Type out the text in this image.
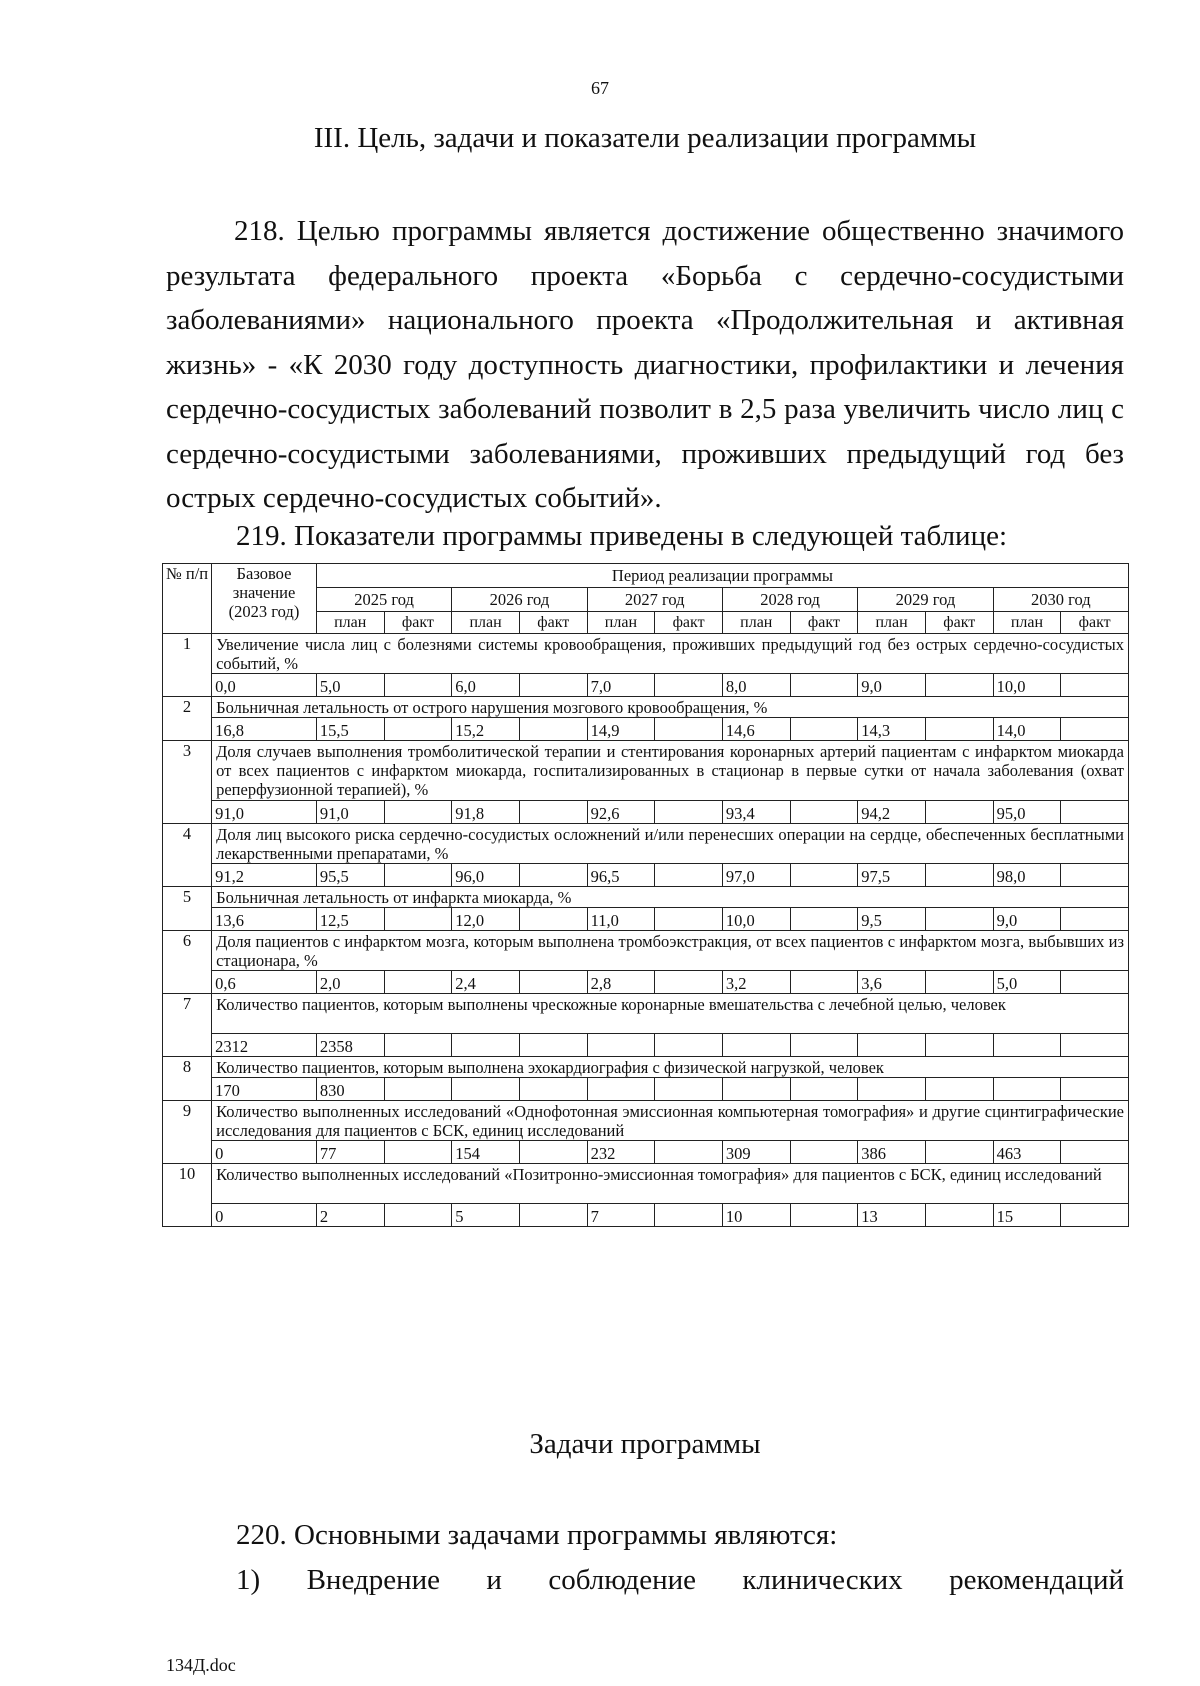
67
III. Цель, задачи и показатели реализации программы

218. Целью программы является достижение общественно значимого результата федерального проекта «Борьба с сердечно-сосудистыми заболеваниями» национального проекта «Продолжительная и активная жизнь» - «К 2030 году доступность диагностики, профилактики и лечения сердечно-сосудистых заболеваний позволит в 2,5 раза увеличить число лиц с сердечно-сосудистыми заболеваниями, проживших предыдущий год без острых сердечно-сосудистых событий».

219. Показатели программы приведены в следующей таблице:

№ п/п	Базовое значение (2023 год)	Период реализации программы											
		2025 год		2026 год		2027 год		2028 год		2029 год		2030 год	
		план	факт	план	факт	план	факт	план	факт	план	факт	план	факт
1	Увеличение числа лиц с болезнями системы кровообращения, проживших предыдущий год без острых сердечно-сосудистых событий, %												
	0,0	5,0		6,0		7,0		8,0		9,0		10,0	
2	Больничная летальность от острого нарушения мозгового кровообращения, %												
	16,8	15,5		15,2		14,9		14,6		14,3		14,0	
3	Доля случаев выполнения тромболитической терапии и стентирования коронарных артерий пациентам с инфарктом миокарда от всех пациентов с инфарктом миокарда, госпитализированных в стационар в первые сутки от начала заболевания (охват реперфузионной терапией), %												
	91,0	91,0		91,8		92,6		93,4		94,2		95,0	
4	Доля лиц высокого риска сердечно-сосудистых осложнений и/или перенесших операции на сердце, обеспеченных бесплатными лекарственными препаратами, %												
	91,2	95,5		96,0		96,5		97,0		97,5		98,0	
5	Больничная летальность от инфаркта миокарда, %												
	13,6	12,5		12,0		11,0		10,0		9,5		9,0	
6	Доля пациентов с инфарктом мозга, которым выполнена тромбоэкстракция, от всех пациентов с инфарктом мозга, выбывших из стационара, %												
	0,6	2,0		2,4		2,8		3,2		3,6		5,0	
7	Количество пациентов, которым выполнены чрескожные коронарные вмешательства с лечебной целью, человек												
	2312	2358											
8	Количество пациентов, которым выполнена эхокардиография с физической нагрузкой, человек												
	170	830											
9	Количество выполненных исследований «Однофотонная эмиссионная компьютерная томография» и другие сцинтиграфические исследования для пациентов с БСК, единиц исследований												
	0	77		154		232		309		386		463	
10	Количество выполненных исследований «Позитронно-эмиссионная томография» для пациентов с БСК, единиц исследований												
	0	2		5		7		10		13		15	
Задачи программы

220. Основными задачами программы являются:

1) Внедрение и соблюдение клинических рекомендаций

134Д.doc
